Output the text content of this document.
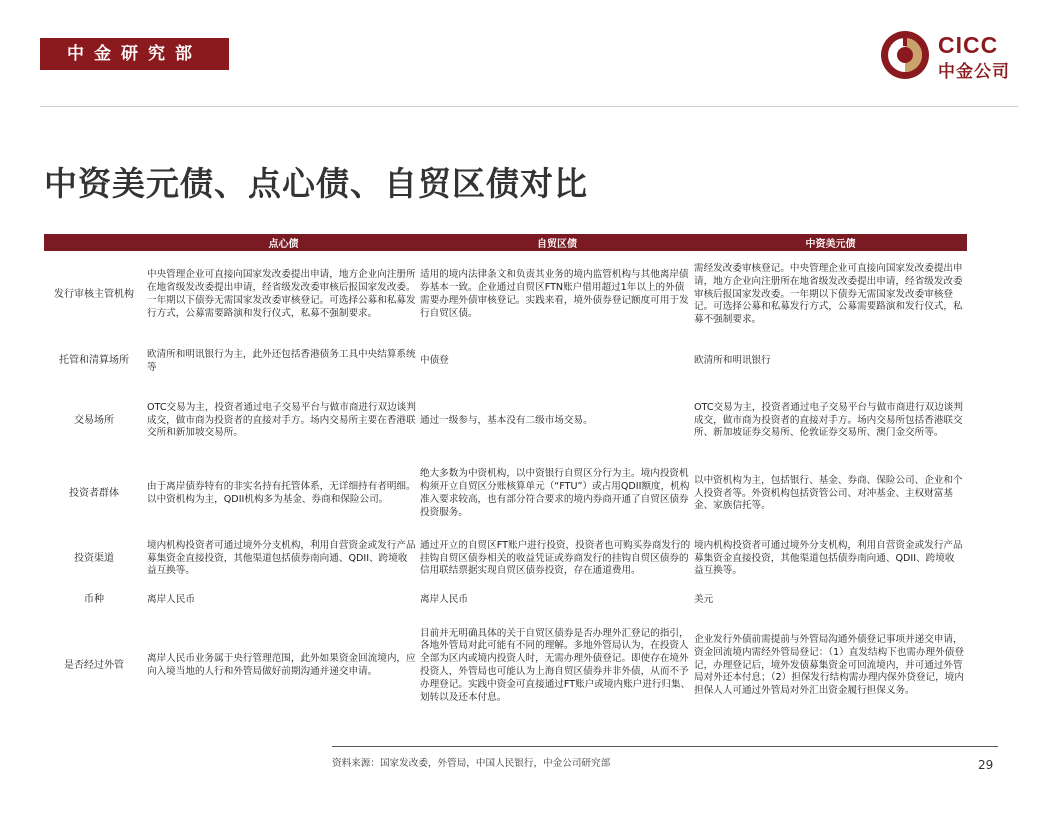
中金研究部	CICC
中金公司
中资美元债、点心债、自贸区债对比
	点心债	自贸区债	中资美元债
发行审核主管机构	中央管理企业可直接向国家发改委提出申请，地方企业向注册所在地省级发改委提出申请，经省级发改委审核后报国家发改委。一年期以下债券无需国家发改委审核登记。可选择公募和私募发行方式，公募需要路演和发行仪式，私募不强制要求。	适用的境内法律条文和负责其业务的境内监管机构与其他离岸债券基本一致。企业通过自贸区FTN账户借用超过1年以上的外债需要办理外债审核登记。实践来看，境外债券登记额度可用于发行自贸区债。	需经发改委审核登记。中央管理企业可直接向国家发改委提出申请，地方企业向注册所在地省级发改委提出申请，经省级发改委审核后报国家发改委。一年期以下债券无需国家发改委审核登记。可选择公募和私募发行方式，公募需要路演和发行仪式，私募不强制要求。
托管和清算场所	欧清所和明讯银行为主，此外还包括香港债务工具中央结算系统等	中债登	欧清所和明讯银行
交易场所	OTC交易为主，投资者通过电子交易平台与做市商进行双边谈判成交，做市商为投资者的直接对手方。场内交易所主要在香港联交所和新加坡交易所。	通过一级参与，基本没有二级市场交易。	OTC交易为主，投资者通过电子交易平台与做市商进行双边谈判成交，做市商为投资者的直接对手方。场内交易所包括香港联交所、新加坡证券交易所、伦敦证券交易所、澳门金交所等。
投资者群体	由于离岸债券特有的非实名持有托管体系，无详细持有者明细。以中资机构为主，QDII机构多为基金、券商和保险公司。	绝大多数为中资机构，以中资银行自贸区分行为主。境内投资机构须开立自贸区分账核算单元（“FTU”）或占用QDII额度，机构准入要求较高，也有部分符合要求的境内券商开通了自贸区债券投资服务。	以中资机构为主，包括银行、基金、券商、保险公司、企业和个人投资者等。外资机构包括资管公司、对冲基金、主权财富基金、家族信托等。
投资渠道	境内机构投资者可通过境外分支机构，利用自营资金或发行产品募集资金直接投资，其他渠道包括债券南向通、QDII、跨境收益互换等。	通过开立的自贸区FT账户进行投资，投资者也可购买券商发行的挂钩自贸区债券相关的收益凭证或券商发行的挂钩自贸区债券的信用联结票据实现自贸区债券投资，存在通道费用。	境内机构投资者可通过境外分支机构，利用自营资金或发行产品募集资金直接投资，其他渠道包括债券南向通、QDII、跨境收益互换等。
币种	离岸人民币	离岸人民币	美元
是否经过外管	离岸人民币业务属于央行管理范围，此外如果资金回流境内，应向入境当地的人行和外管局做好前期沟通并递交申请。	目前并无明确具体的关于自贸区债券是否办理外汇登记的指引，各地外管局对此可能有不同的理解。多地外管局认为，在投资人全部为区内或境内投资人时，无需办理外债登记。即使存在境外投资人，外管局也可能认为上海自贸区债券并非外债，从而不予办理登记。实践中资金可直接通过FT账户或境内账户进行归集、划转以及还本付息。	企业发行外债前需提前与外管局沟通外债登记事项并递交申请，资金回流境内需经外管局登记：（1）直发结构下也需办理外债登记，办理登记后，境外发债募集资金可回流境内，并可通过外管局对外还本付息；（2）担保发行结构需办理内保外贷登记，境内担保人人可通过外管局对外汇出资金履行担保义务。
资料来源：国家发改委，外管局，中国人民银行，中金公司研究部	29
